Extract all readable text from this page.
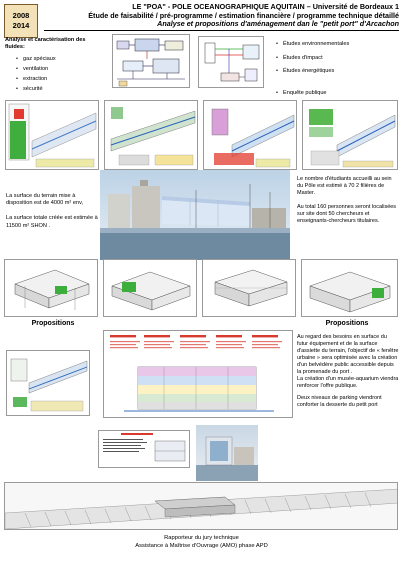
2008
2014
LE "POA" - POLE OCEANOGRAPHIQUE AQUITAIN – Université de Bordeaux 1
Étude de faisabilité / pré-programme / estimation financière / programme technique détaillé
Analyse et propositions d'aménagement dan le "petit port" d'Arcachon
Analyse et caractérisation des fluides:
• gaz spéciaux
• ventilation
• extraction
• sécurité
• Études environnementales
• Études d'impact
• Études énergétiques
• Enquête publique
La surface du terrain mise à disposition est de 4000 m² env,
La surface totale créée est estimée à 11500 m² SHON .
Le nombre d'étudiants accueilli au sein du Pôle est estimé à 70 2 filières de Master.
Au total 160 personnes seront localisées sur site dont 50 chercheurs et enseignants-chercheurs titulaires.
Propositions	Propositions
Au regard des besoins en surface du futur équipement et de la surface d'assiette du terrain, l'objectif de « fenêtre urbaine » sera optimisée avec la création d'un belvédère public accessible depuis la promenade du port .
La création d'un musée-aquarium viendra renforcer l'offre publique.
Deux niveaux de parking viendront conforter la desserte du petit port
Rapporteur du jury technique
Assistance à Maîtrise d'Ouvrage (AMO) phase APD
